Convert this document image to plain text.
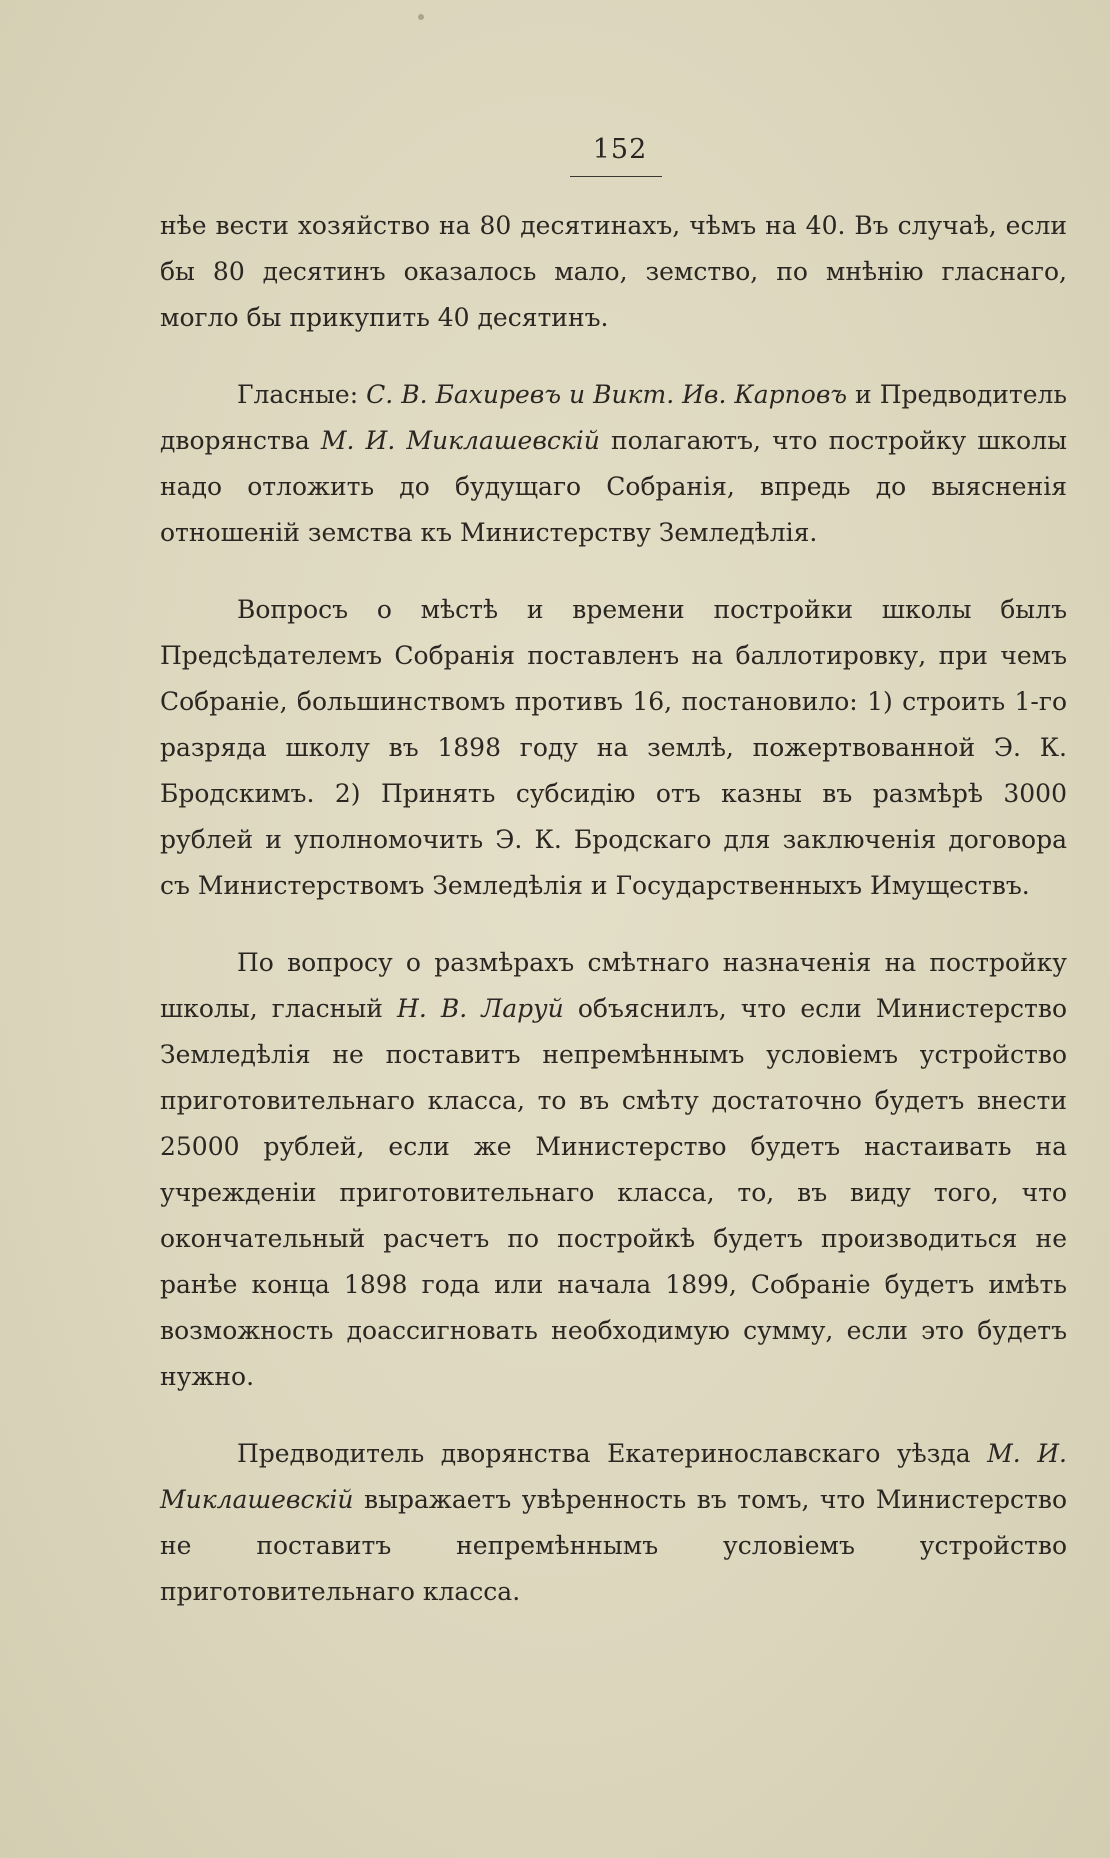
152

нѣе вести хозяйство на 80 десятинахъ, чѣмъ на 40. Въ случаѣ, если бы 80 десятинъ оказалось мало, земство, по мнѣнію гласнаго, могло бы прикупить 40 десятинъ.

Гласные: С. В. Бахиревъ и Викт. Ив. Карповъ и Предводитель дворянства М. И. Миклашевскій полагаютъ, что постройку школы надо отложить до будущаго Собранія, впредь до выясненія отношеній земства къ Министерству Земледѣлія.

Вопросъ о мѣстѣ и времени постройки школы былъ Предсѣдателемъ Собранія поставленъ на баллотировку, при чемъ Собраніе, большинствомъ противъ 16, постановило: 1) строить 1-го разряда школу въ 1898 году на землѣ, пожертвованной Э. К. Бродскимъ. 2) Принять субсидію отъ казны въ размѣрѣ 3000 рублей и уполномочить Э. К. Бродскаго для заключенія договора съ Министерствомъ Земледѣлія и Государственныхъ Имуществъ.

По вопросу о размѣрахъ смѣтнаго назначенія на постройку школы, гласный Н. В. Ларуй объяснилъ, что если Министерство Земледѣлія не поставитъ непремѣннымъ условіемъ устройство приготовительнаго класса, то въ смѣту достаточно будетъ внести 25000 рублей, если же Министерство будетъ настаивать на учрежденіи приготовительнаго класса, то, въ виду того, что окончательный расчетъ по постройкѣ будетъ производиться не ранѣе конца 1898 года или начала 1899, Собраніе будетъ имѣть возможность доассигновать необходимую сумму, если это будетъ нужно.

Предводитель дворянства Екатеринославскаго уѣзда М. И. Миклашевскій выражаетъ увѣренность въ томъ, что Министерство не поставитъ непремѣннымъ условіемъ устройство приготовительнаго класса.
